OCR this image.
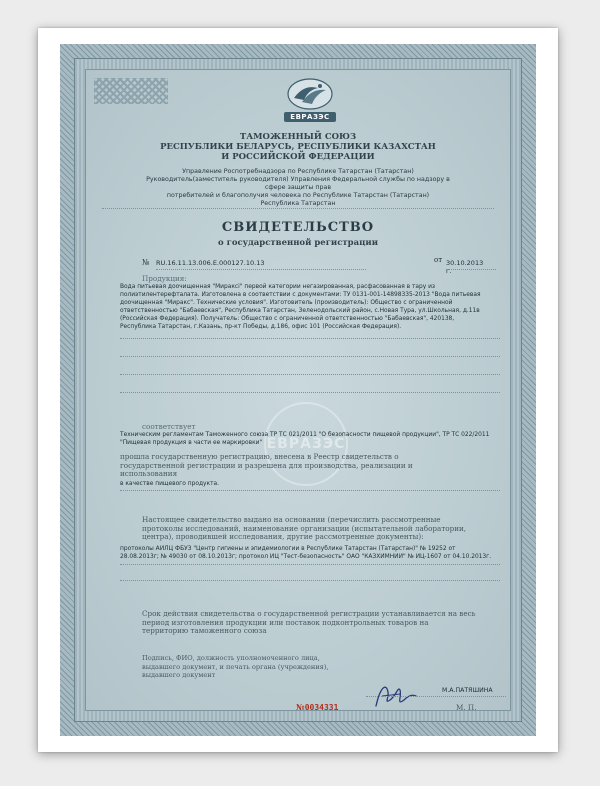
ЕВРАЗЭС
ТАМОЖЕННЫЙ СОЮЗ
РЕСПУБЛИКИ БЕЛАРУСЬ, РЕСПУБЛИКИ КАЗАХСТАН
И РОССИЙСКОЙ ФЕДЕРАЦИИ
Управление Роспотребнадзора по Республике Татарстан (Татарстан)
Руководитель(заместитель руководителя) Управления Федеральной службы по надзору в сфере защиты прав
потребителей и благополучия человека по Республике Татарстан (Татарстан)
Республика Татарстан
СВИДЕТЕЛЬСТВО
о государственной регистрации
№ RU.16.11.13.006.E.000127.10.13	от 30.10.2013 г.
Продукция:
Вода питьевая доочищенная "Мираксi" первой категории негазированная, расфасованная в тару из
полиэтилентерефталата. Изготовлена в соответствии с документами: ТУ 0131-001-14898335-2013 "Вода питьевая
доочищенная "Миракс". Технические условия". Изготовитель (производитель): Общество с ограниченной
ответственностью "Бабаевская", Республика Татарстан, Зеленодольский район, с.Новая Тура, ул.Школьная, д.11в
(Российская Федерация). Получатель: Общество с ограниченной ответственностью "Бабаевская", 420138,
Республика Татарстан, г.Казань, пр-кт Победы, д.186, офис 101 (Российская Федерация).
ЕВРАЗЭС
соответствует
Техническим регламентам Таможенного союза ТР ТС 021/2011 "О безопасности пищевой продукции", ТР ТС 022/2011
"Пищевая продукция в части ее маркировки"
прошла государственную регистрацию, внесена в Реестр свидетельств о
государственной регистрации и разрешена для производства, реализации и
использования
в качестве пищевого продукта.
Настоящее свидетельство выдано на основании (перечислить рассмотренные
протоколы исследований, наименование организации (испытательной лаборатории,
центра), проводившей исследования, другие рассмотренные документы):
протоколы АИЛЦ ФБУЗ "Центр гигиены и эпидемиологии в Республике Татарстан (Татарстан)" № 19252 от
28.08.2013г; № 49030 от 08.10.2013г; протокол ИЦ "Тест-безопасность" ОАО "КАЗХИМНИИ" № ИЦ-1607 от 04.10.2013г.
Срок действия свидетельства о государственной регистрации устанавливается на весь
период изготовления продукции или поставок подконтрольных товаров на
территорию таможенного союза
Подпись, ФИО, должность уполномоченного лица,
выдавшего документ, и печать органа (учреждения),
выдавшего документ
М.А.ПАТЯШИНА
№0034331	М. П.
